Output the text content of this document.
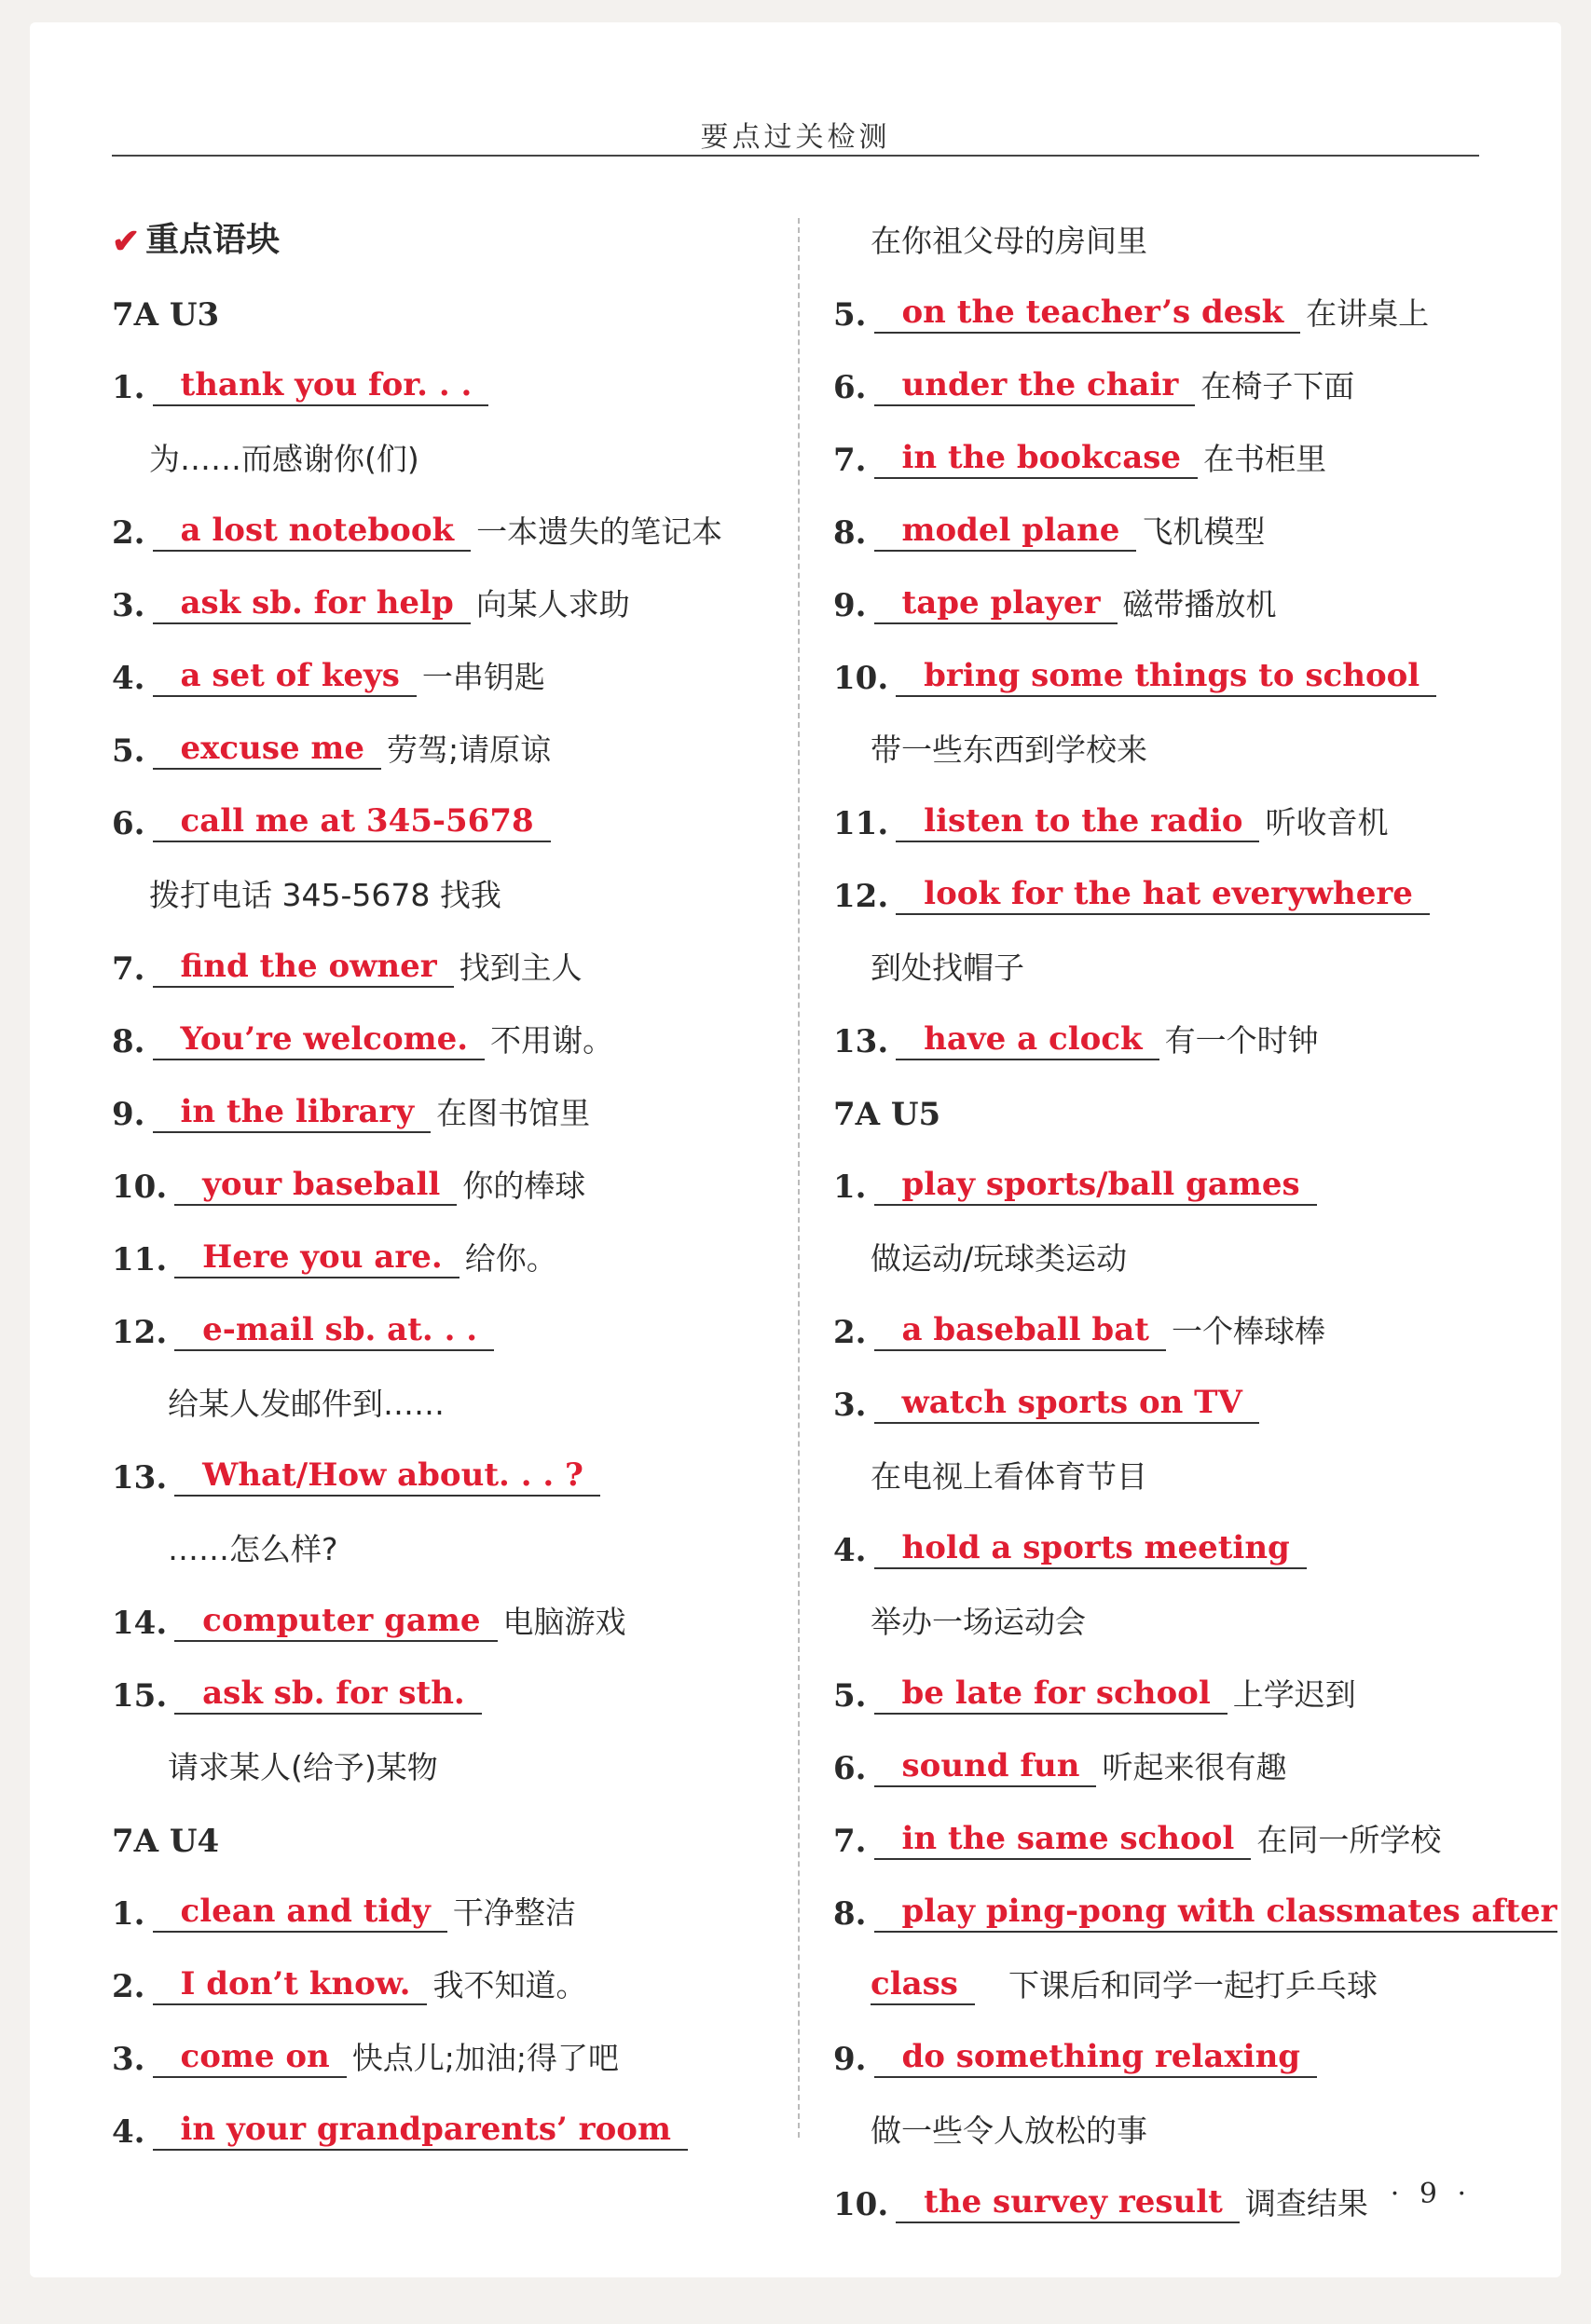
要点过关检测
✔ 重点语块
7A U3
1.	thank you for. . .
为……而感谢你(们)
2.	a lost notebook 一本遗失的笔记本
3.	ask sb. for help 向某人求助
4.	a set of keys 一串钥匙
5.	excuse me 劳驾;请原谅
6.	call me at 345-5678
拨打电话 345-5678 找我
7.	find the owner 找到主人
8.	You’re welcome. 不用谢。
9.	in the library 在图书馆里
10.	your baseball 你的棒球
11.	Here you are. 给你。
12.	e-mail sb. at. . .
给某人发邮件到……
13.	What/How about. . . ?
……怎么样?
14.	computer game 电脑游戏
15.	ask sb. for sth.
请求某人(给予)某物
7A U4
1.	clean and tidy 干净整洁
2.	I don’t know. 我不知道。
3.	come on 快点儿;加油;得了吧
4.	in your grandparents’ room
在你祖父母的房间里
5.	on the teacher’s desk 在讲桌上
6.	under the chair 在椅子下面
7.	in the bookcase 在书柜里
8.	model plane 飞机模型
9.	tape player 磁带播放机
10.	bring some things to school
带一些东西到学校来
11.	listen to the radio 听收音机
12.	look for the hat everywhere
到处找帽子
13.	have a clock 有一个时钟
7A U5
1.	play sports/ball games
做运动/玩球类运动
2.	a baseball bat 一个棒球棒
3.	watch sports on TV
在电视上看体育节目
4.	hold a sports meeting
举办一场运动会
5.	be late for school 上学迟到
6.	sound fun 听起来很有趣
7.	in the same school 在同一所学校
8.	play ping-pong with classmates after
class	下课后和同学一起打乒乓球
9.	do something relaxing
做一些令人放松的事
10.	the survey result 调查结果 · 9 ·
